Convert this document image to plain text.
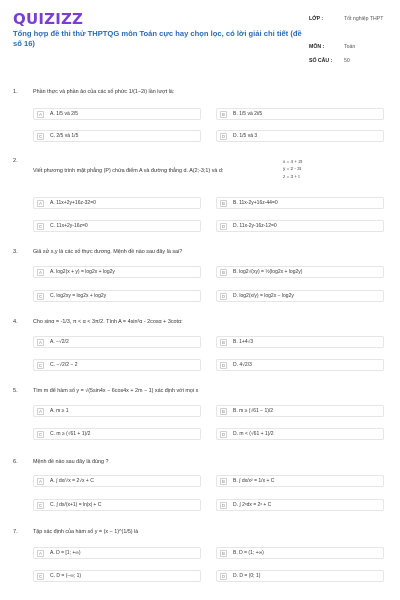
QUIZIZZ
Tổng hợp đề thi thử THPTQG môn Toán cực hay chọn lọc, có lời giải chi tiết (đề số 16)
LỚP :	Tốt nghiệp THPT
MÔN :	Toán
SỐ CÂU : 50
1.	Phần thực và phần ảo của các số phức 1/(1−2i) lần lượt là:
A	A. 1/5 và 2/5	B	B. 1/5 và 2i/5
C	C. 2/5 và 1/5	D	D. 1/5 và 3
2.
Viết phương trình mặt phẳng (P) chứa điểm A và đường thẳng d. A(2;-3;1) và d:
x = 4 + 2t
y = 2 - 3t
z = 3 + t
A	A. 11x+2y+16z-32=0	B	B. 11x-2y+16z-44=0
C	C. 11x+2y-16z=0	D	D. 11x-2y-16z-12=0
3.	Giả sử x,y là các số thực dương. Mệnh đề nào sau đây là sai?
A	A. log2(x + y) = log2x + log2y	B	B. log2√(xy) = ½(log2x + log2y)
C	C. log2xy = log2x + log2y	D	D. log2(x/y) = log2x − log2y
4.	Cho sinα = -1/3, π < α < 3π/2. Tính A = 4sin²α - 2cosα + 3cotα:
A	A. −√2/2	B	B. 1+4√3
C	C. −√2/2 − 2	D	D. 4√2/3
5.	Tìm m để hàm số y = √(5sin4x − 6cos4x + 2m − 1) xác định với mọi x
A	A. m ≥ 1	B	B. m ≥ (√61 − 1)/2
C	C. m ≥ (√61 + 1)/2	D	D. m < (√61 + 1)/2
6.	Mệnh đề nào sau đây là đúng ?
A	A. ∫ dx/√x = 2√x + C	B	B. ∫ dx/x² = 1/x + C
C	C. ∫ dx/(x+1) = ln|x| + C	D	D. ∫ 2ˣdx = 2ˣ + C
7.	Tập xác định của hàm số y = (x − 1)^(1/5) là
A	A. D = [1; +∞)	B	B. D = (1; +∞)
C	C. D = (−∞; 1)	D	D. D = (0; 1)
